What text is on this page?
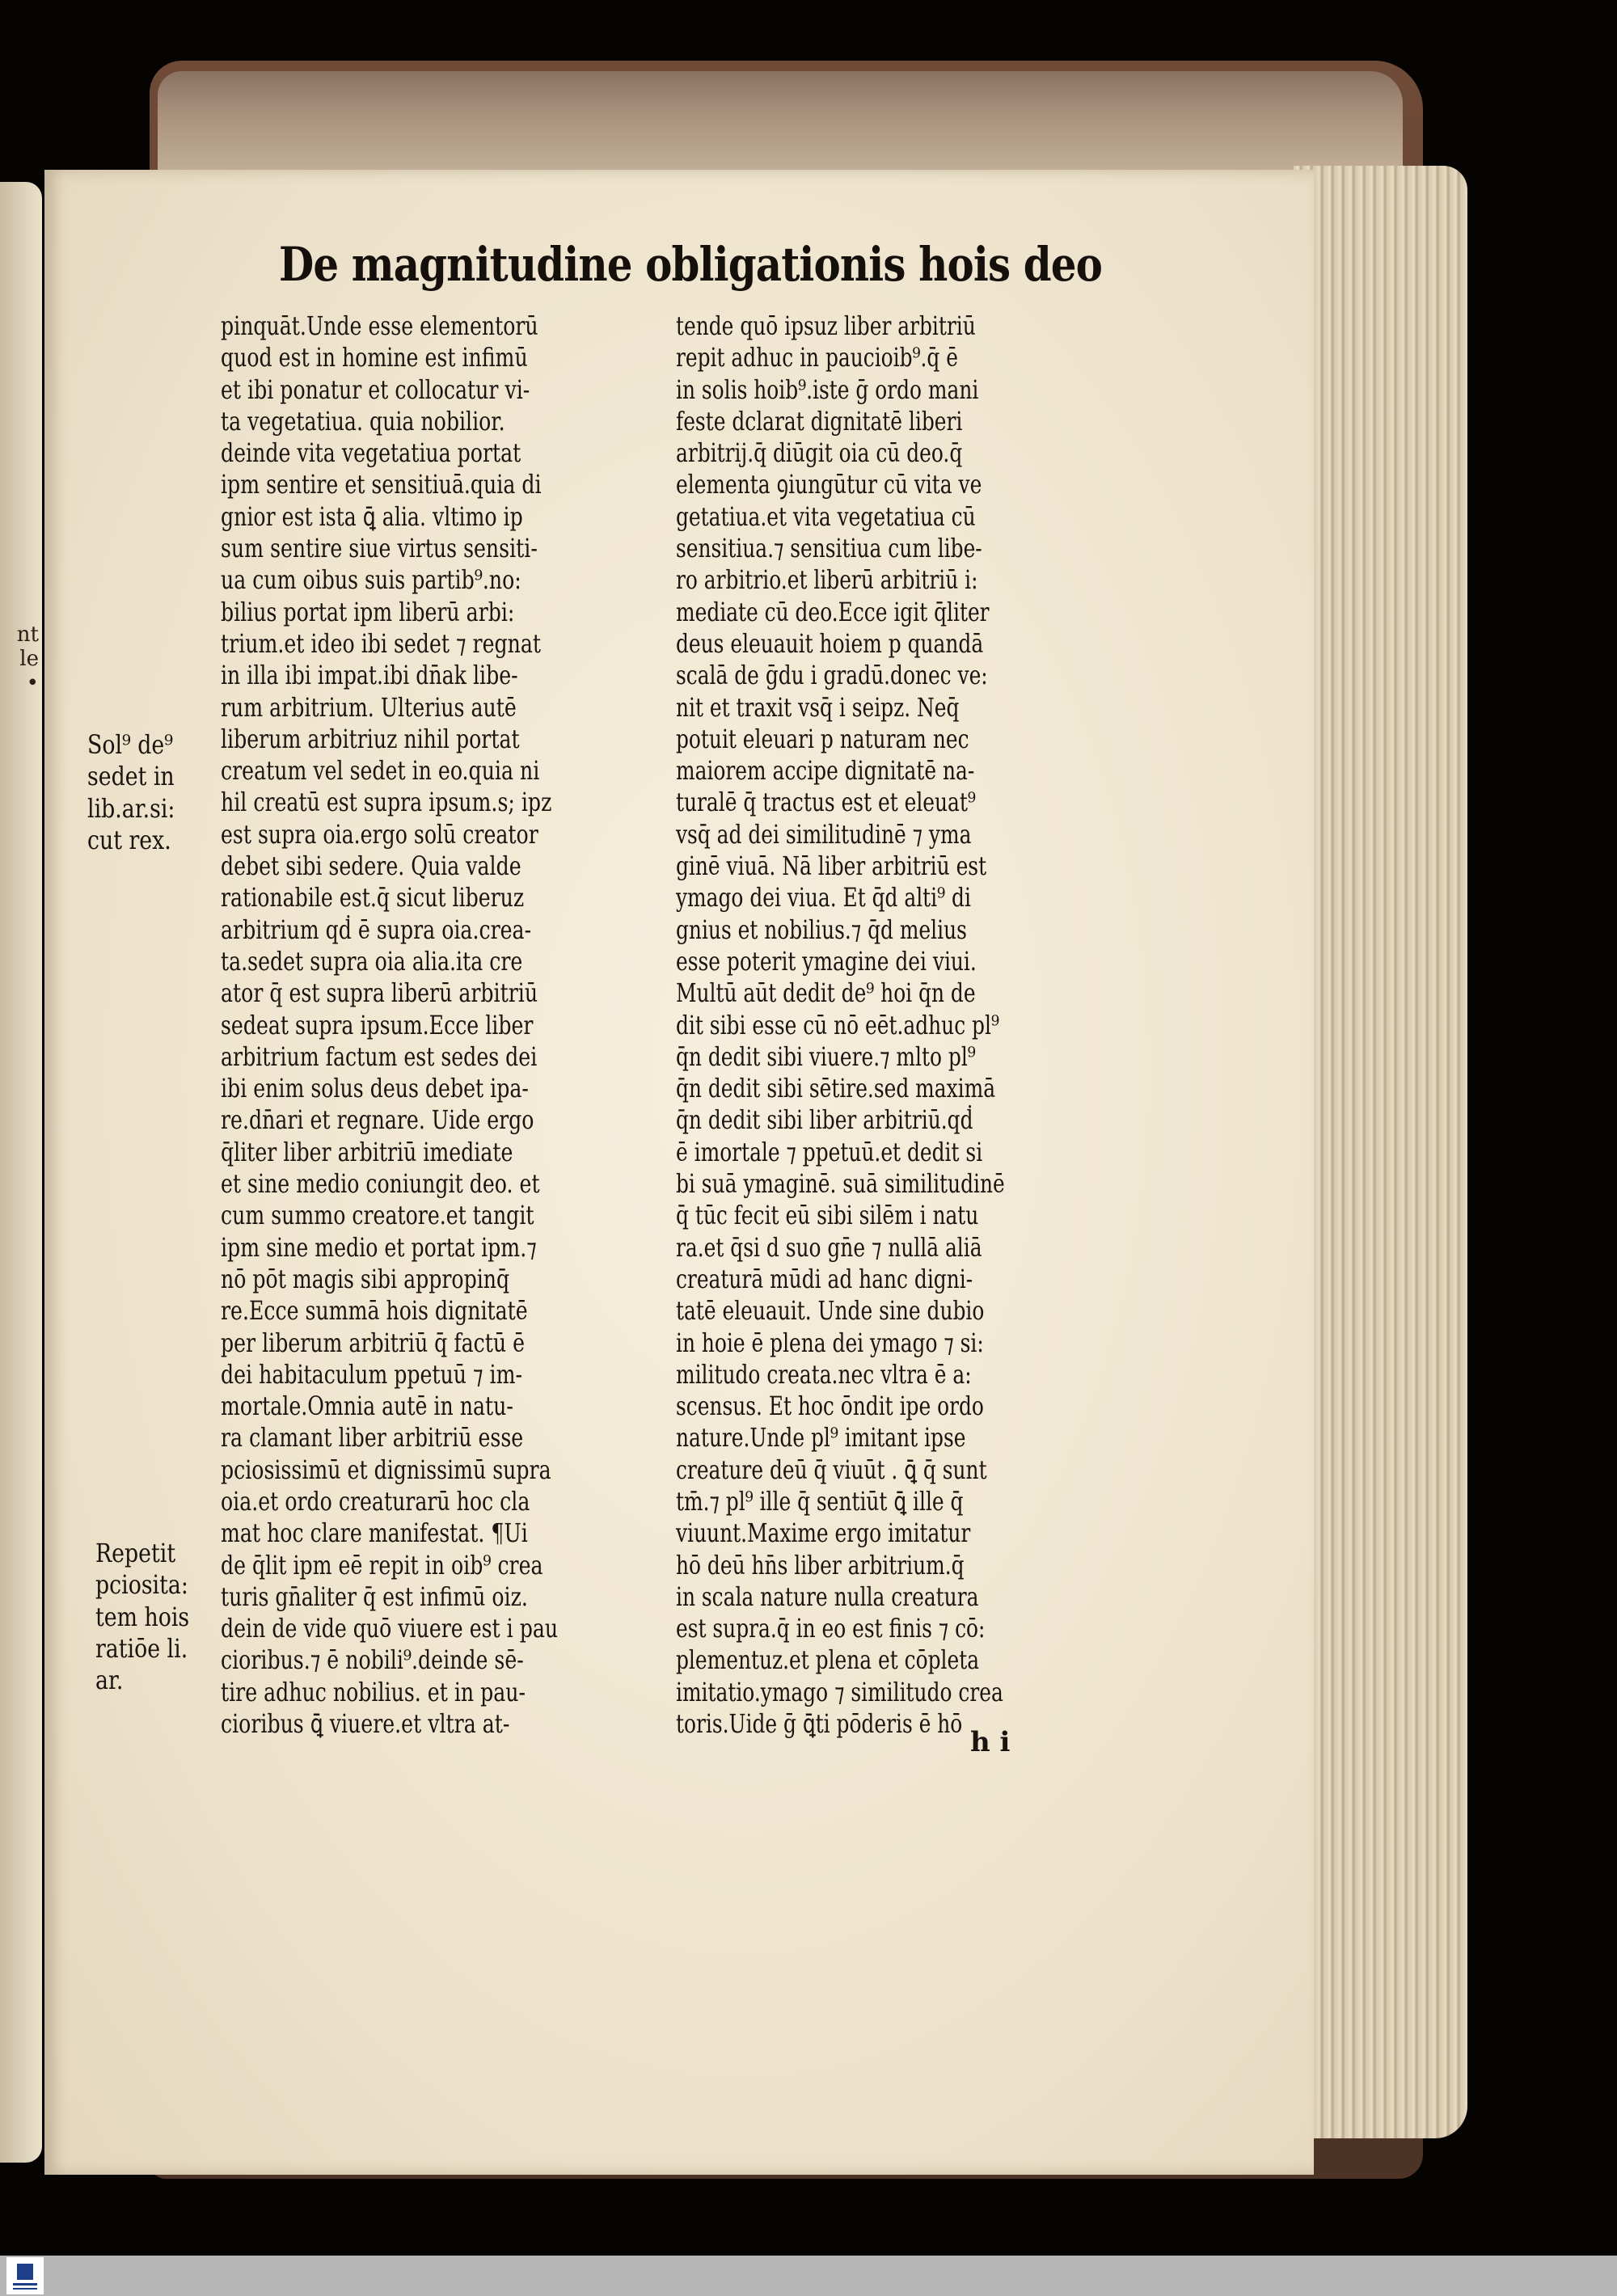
nt
le
•
De magnitudine obligationis hois deo
pinquāt.Unde esse elementorū
quod est in homine est infimū
et ibi ponatur et collocatur vi-
ta vegetatiua. quia nobilior.
deinde vita vegetatiua portat
ipm sentire et sensitiuā.quia di
gnior est ista ꝗ̄ alia. vltimo ip
sum sentire siue virtus sensiti-
ua cum oibus suis partib⁹.no:
bilius portat ipm liberū arbi:
trium.et ideo ibi sedet ⁊ regnat
in illa ibi impat.ibi dn̄ak libe-
rum arbitrium. Ulterius autē
liberum arbitriuz nihil portat
creatum vel sedet in eo.quia ni
hil creatū est supra ipsum.s; ipz
est supra oia.ergo solū creator
debet sibi sedere. Quia valde
rationabile est.q̄ sicut liberuz
arbitrium qḋ ē supra oia.crea-
ta.sedet supra oia alia.ita cre
ator q̄ est supra liberū arbitriū
sedeat supra ipsum.Ecce liber
arbitrium factum est sedes dei
ibi enim solus deus debet ipa-
re.dn̄ari et regnare. Uide ergo
q̄liter liber arbitriū imediate
et sine medio coniungit deo. et
cum summo creatore.et tangit
ipm sine medio et portat ipm.⁊
nō pōt magis sibi appropinq̄
re.Ecce summā hois dignitatē
per liberum arbitriū q̄ factū ē
dei habitaculum ppetuū ⁊ im-
mortale.Omnia autē in natu-
ra clamant liber arbitriū esse
pciosissimū et dignissimū supra
oia.et ordo creaturarū hoc cla
mat hoc clare manifestat. ¶Ui
de q̄lit ipm eē repit in oib⁹ crea
turis gn̄aliter q̄ est infimū oiz.
dein de vide quō viuere est i pau
cioribus.⁊ ē nobili⁹.deinde sē-
tire adhuc nobilius. et in pau-
cioribus ꝗ̄ viuere.et vltra at-
tende quō ipsuz liber arbitriū
repit adhuc in paucioib⁹.q̄ ē
in solis hoib⁹.iste ḡ ordo mani
feste dclarat dignitatē liberi
arbitrij.q̄ diūgit oia cū deo.q̄
elementa ꝯiungūtur cū vita ve
getatiua.et vita vegetatiua cū
sensitiua.⁊ sensitiua cum libe-
ro arbitrio.et liberū arbitriū i:
mediate cū deo.Ecce igit q̄liter
deus eleuauit hoiem p quandā
scalā de ḡdu i gradū.donec ve:
nit et traxit vsq̄ i seipz. Neq̄
potuit eleuari p naturam nec
maiorem accipe dignitatē na-
turalē q̄ tractus est et eleuat⁹
vsq̄ ad dei similitudinē ⁊ yma
ginē viuā. Nā liber arbitriū est
ymago dei viua. Et q̄d alti⁹ di
gnius et nobilius.⁊ q̄d melius
esse poterit ymagine dei viui.
Multū aūt dedit de⁹ hoi q̄n de
dit sibi esse cū nō eēt.adhuc pl⁹
q̄n dedit sibi viuere.⁊ mlto pl⁹
q̄n dedit sibi sētire.sed maximā
q̄n dedit sibi liber arbitriū.qḋ
ē imortale ⁊ ppetuū.et dedit si
bi suā ymaginē. suā similitudinē
q̄ tūc fecit eū sibi silēm i natu
ra.et q̄si d suo gn̄e ⁊ nullā aliā
creaturā mūdi ad hanc digni-
tatē eleuauit. Unde sine dubio
in hoie ē plena dei ymago ⁊ si:
militudo creata.nec vltra ē a:
scensus. Et hoc ōndit ipe ordo
nature.Unde pl⁹ imitant ipse
creature deū q̄ viuūt . ꝗ̄ q̄ sunt
tm̄.⁊ pl⁹ ille q̄ sentiūt ꝗ̄ ille q̄
viuunt.Maxime ergo imitatur
hō deū hn̄s liber arbitrium.q̄
in scala nature nulla creatura
est supra.q̄ in eo est finis ⁊ cō:
plementuz.et plena et cōpleta
imitatio.ymago ⁊ similitudo crea
toris.Uide ḡ ꝗ̄ti pōderis ē hō
Sol⁹ de⁹
sedet in
lib.ar.si:
cut rex.
Repetit
pciosita:
tem hois
ratiōe li.
ar.
h i
